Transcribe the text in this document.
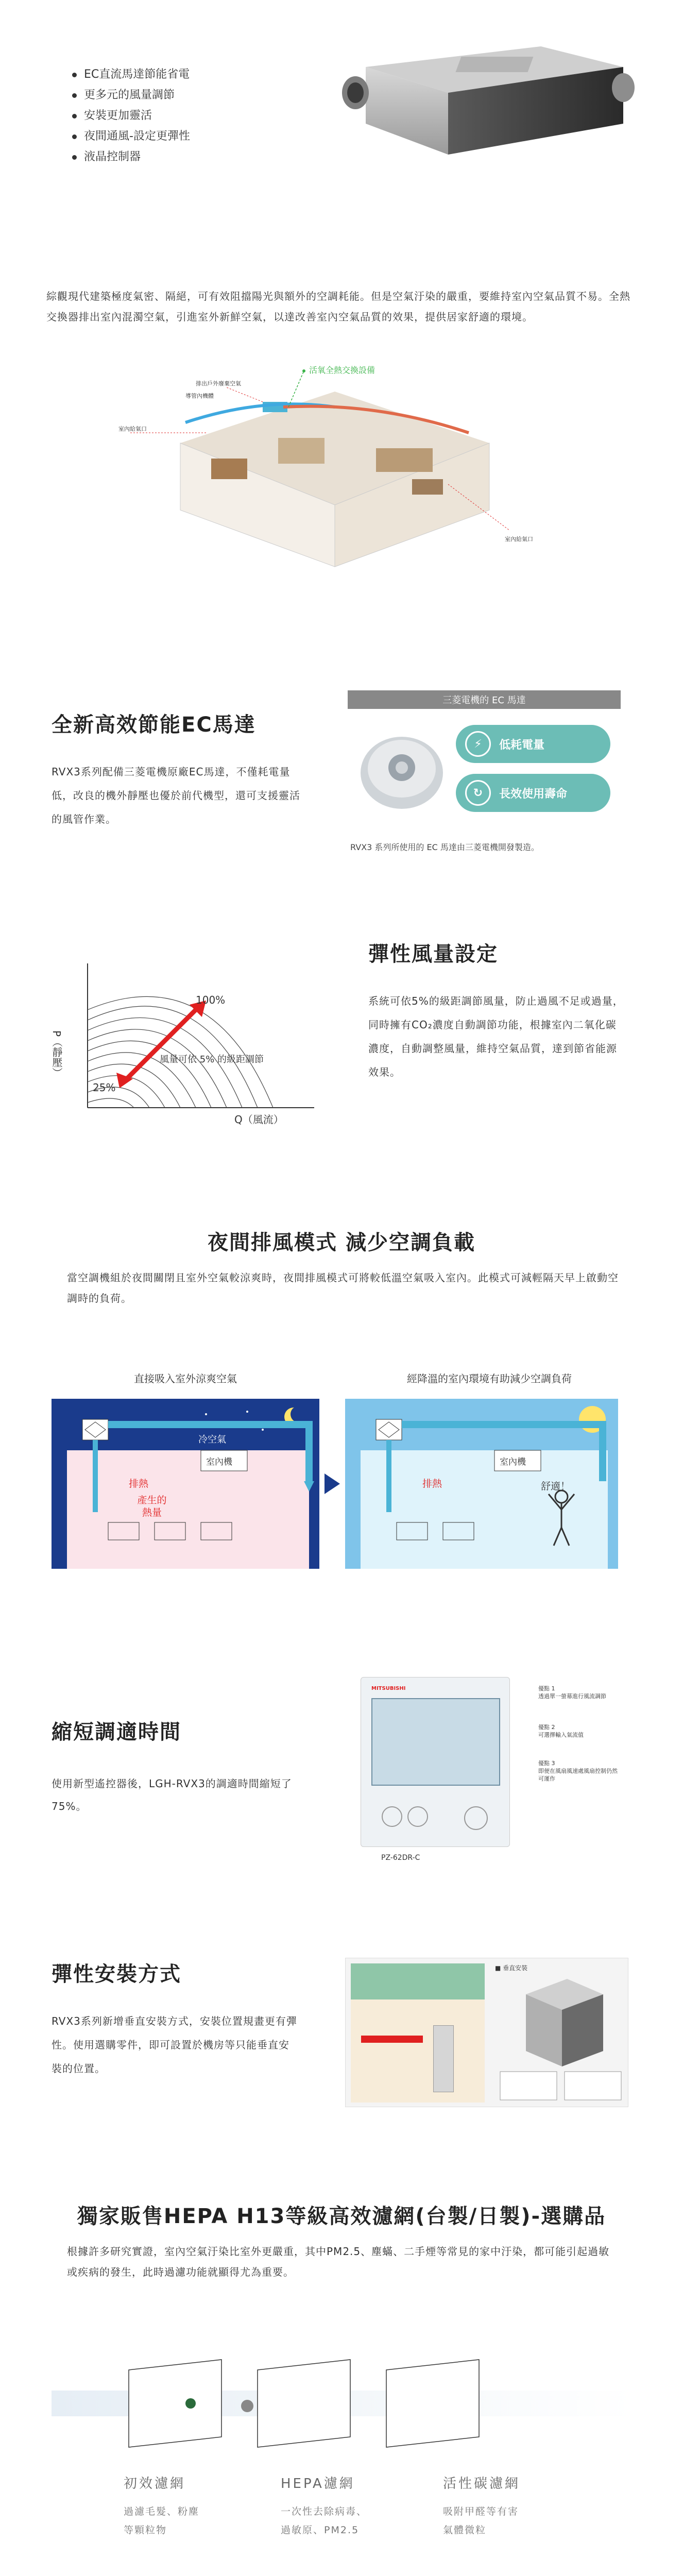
EC直流馬達節能省電
更多元的風量調節
安裝更加靈活
夜間通風-設定更彈性
液晶控制器

綜觀現代建築極度氣密、隔絕，可有效阻擋陽光與額外的空調耗能。但是空氣汙染的嚴重，要維持室內空氣品質不易。全熱交換器排出室內混濁空氣，引進室外新鮮空氣，以達改善室內空氣品質的效果，提供居家舒適的環境。

活氧全熱交換設備
排出戶外廢棄空氣
導管內機體
室內給氣口
室內給氣口
全新高效節能EC馬達

RVX3系列配備三菱電機原廠EC馬達，不僅耗電量低，改良的機外靜壓也優於前代機型，還可支援靈活的風管作業。

三菱電機的 EC 馬達
⚡	低耗電量
↻	長效使用壽命
RVX3 系列所使用的 EC 馬達由三菱電機開發製造。
100%
25%
風量可依 5% 的級距調節
Q（風流）
P（靜壓）
彈性風量設定

系統可依5%的級距調節風量，防止過風不足或過量，同時擁有CO₂濃度自動調節功能，根據室內二氧化碳濃度，自動調整風量，維持空氣品質，達到節省能源效果。

夜間排風模式 減少空調負載

當空調機組於夜間關閉且室外空氣較涼爽時，夜間排風模式可將較低溫空氣吸入室內。此模式可減輕隔天早上啟動空調時的負荷。

直接吸入室外涼爽空氣	經降溫的室內環境有助減少空調負荷
冷空氣
室內機
排熱
產生的
熱量
室內機
排熱	舒適！
縮短調適時間

使用新型遙控器後，LGH-RVX3的調適時間縮短了75%。

MITSUBISHI
PZ-62DR-C
優點 1
透過單一螢幕進行風流調節
優點 2
可選擇輸入氣流值
優點 3
即便在風扇風速處風扇控制仍然可運作
彈性安裝方式

RVX3系列新增垂直安裝方式，安裝位置規畫更有彈性。使用選購零件，即可設置於機房等只能垂直安裝的位置。

■ 垂直安裝
獨家販售HEPA H13等級高效濾網(台製/日製)-選購品

根據許多研究實證，室內空氣汙染比室外更嚴重，其中PM2.5、塵蟎、二手煙等常見的家中汙染，都可能引起過敏或疾病的發生，此時過濾功能就顯得尤為重要。

初效濾網
過濾毛髮、粉塵
等顆粒物
HEPA濾網
一次性去除病毒、
過敏原、PM2.5
活性碳濾網
吸附甲醛等有害
氣體微粒
